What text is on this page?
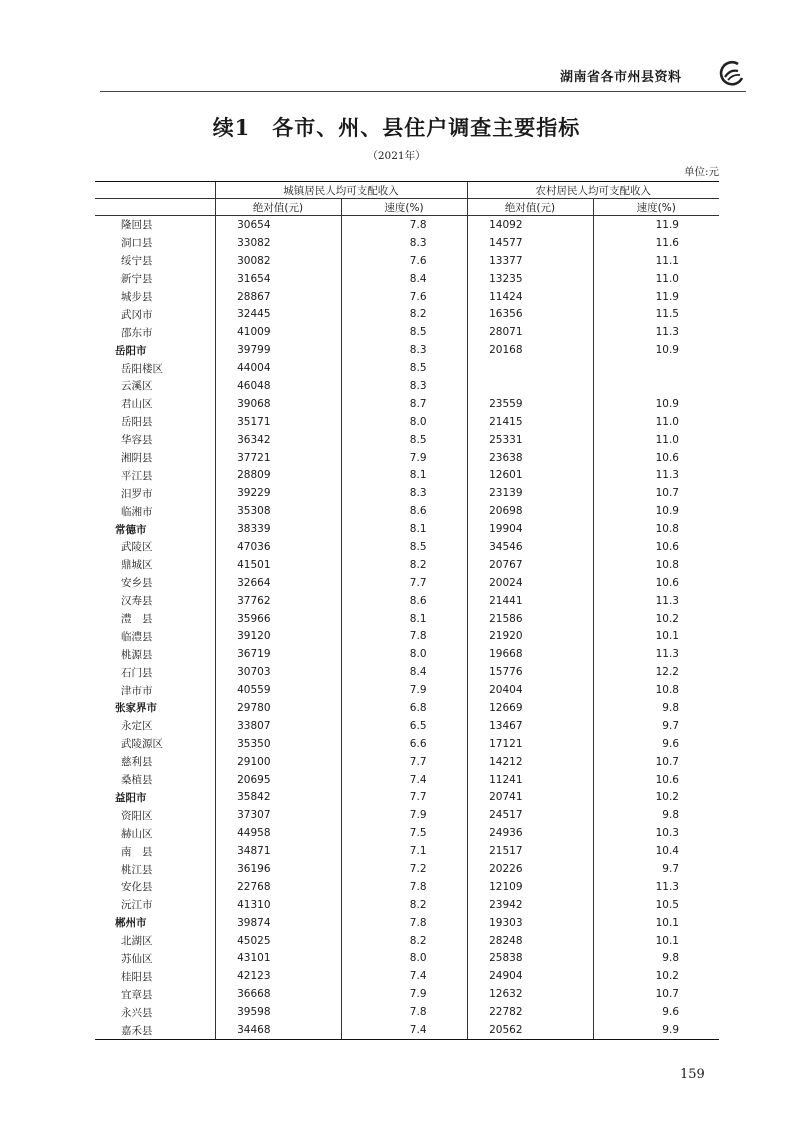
湖南省各市州县资料
续1　各市、州、县住户调查主要指标
（2021年）
单位:元
	城镇居民人均可支配收入		农村居民人均可支配收入	
	绝对值(元)	速度(%)	绝对值(元)	速度(%)
隆回县	30654	7.8	14092	11.9
洞口县	33082	8.3	14577	11.6
绥宁县	30082	7.6	13377	11.1
新宁县	31654	8.4	13235	11.0
城步县	28867	7.6	11424	11.9
武冈市	32445	8.2	16356	11.5
邵东市	41009	8.5	28071	11.3
岳阳市	39799	8.3	20168	10.9
岳阳楼区	44004	8.5		
云溪区	46048	8.3		
君山区	39068	8.7	23559	10.9
岳阳县	35171	8.0	21415	11.0
华容县	36342	8.5	25331	11.0
湘阴县	37721	7.9	23638	10.6
平江县	28809	8.1	12601	11.3
汨罗市	39229	8.3	23139	10.7
临湘市	35308	8.6	20698	10.9
常德市	38339	8.1	19904	10.8
武陵区	47036	8.5	34546	10.6
鼎城区	41501	8.2	20767	10.8
安乡县	32664	7.7	20024	10.6
汉寿县	37762	8.6	21441	11.3
澧　县	35966	8.1	21586	10.2
临澧县	39120	7.8	21920	10.1
桃源县	36719	8.0	19668	11.3
石门县	30703	8.4	15776	12.2
津市市	40559	7.9	20404	10.8
张家界市	29780	6.8	12669	9.8
永定区	33807	6.5	13467	9.7
武陵源区	35350	6.6	17121	9.6
慈利县	29100	7.7	14212	10.7
桑植县	20695	7.4	11241	10.6
益阳市	35842	7.7	20741	10.2
资阳区	37307	7.9	24517	9.8
赫山区	44958	7.5	24936	10.3
南　县	34871	7.1	21517	10.4
桃江县	36196	7.2	20226	9.7
安化县	22768	7.8	12109	11.3
沅江市	41310	8.2	23942	10.5
郴州市	39874	7.8	19303	10.1
北湖区	45025	8.2	28248	10.1
苏仙区	43101	8.0	25838	9.8
桂阳县	42123	7.4	24904	10.2
宜章县	36668	7.9	12632	10.7
永兴县	39598	7.8	22782	9.6
嘉禾县	34468	7.4	20562	9.9
159
